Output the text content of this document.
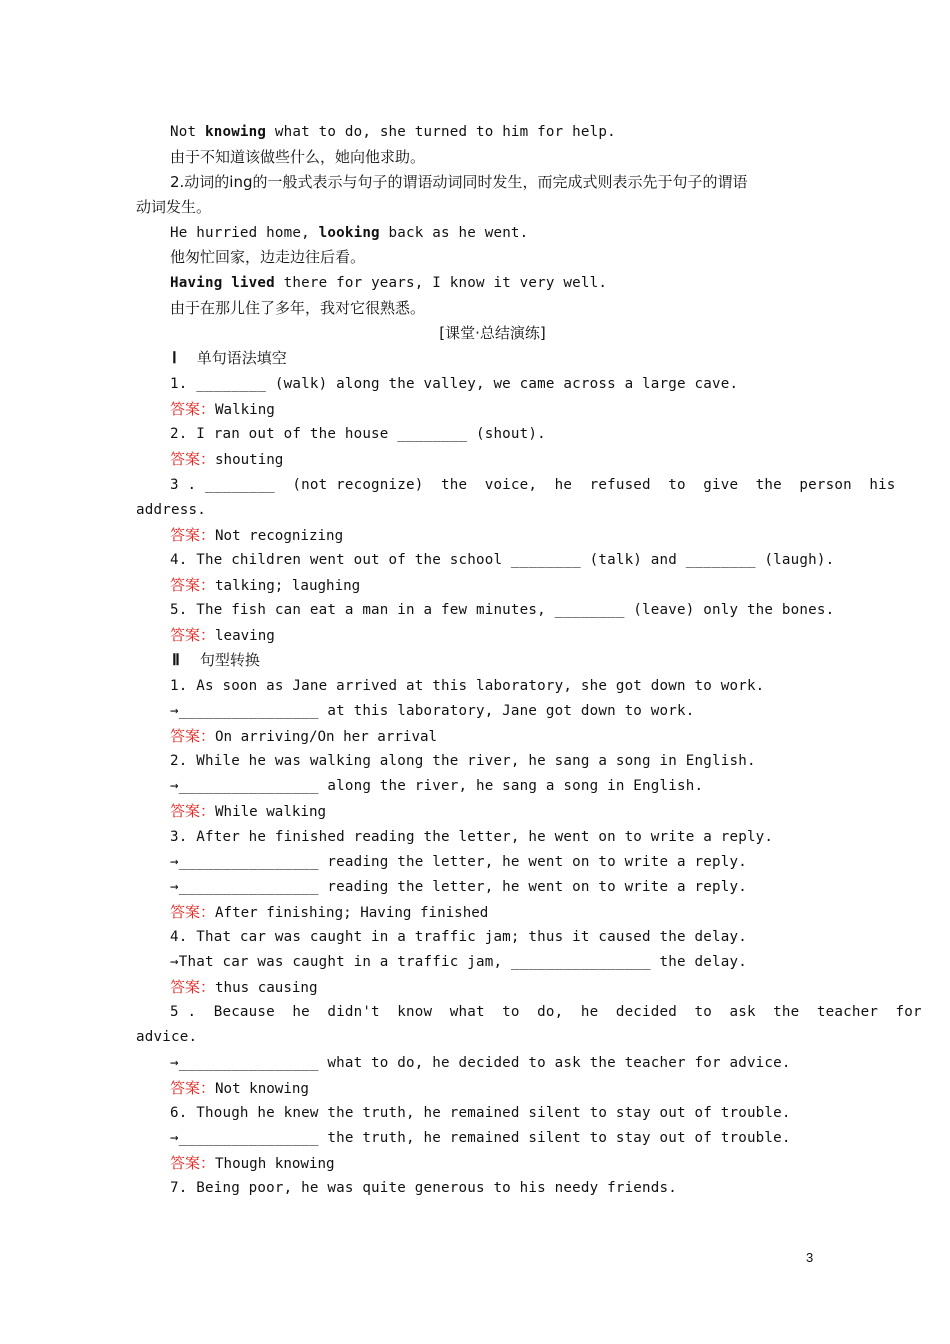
Not knowing what to do, she turned to him for help.
由于不知道该做些什么，她向他求助。
2.动词的ing的一般式表示与句子的谓语动词同时发生，而完成式则表示先于句子的谓语
动词发生。
He hurried home, looking back as he went.
他匆忙回家，边走边往后看。
Having lived there for years, I know it very well.
由于在那儿住了多年，我对它很熟悉。
[课堂·总结演练]
Ⅰ 单句语法填空
1. ________ (walk) along the valley, we came across a large cave.
答案：Walking
2. I ran out of the house ________ (shout).
答案：shouting
3 . ________  (not recognize)  the  voice,  he  refused  to  give  the  person  his
address.
答案：Not recognizing
4. The children went out of the school ________ (talk) and ________ (laugh).
答案：talking; laughing
5. The fish can eat a man in a few minutes, ________ (leave) only the bones.
答案：leaving
Ⅱ 句型转换
1. As soon as Jane arrived at this laboratory, she got down to work.
→________________ at this laboratory, Jane got down to work.
答案：On arriving/On her arrival
2. While he was walking along the river, he sang a song in English.
→________________ along the river, he sang a song in English.
答案：While walking
3. After he finished reading the letter, he went on to write a reply.
→________________ reading the letter, he went on to write a reply.
→________________ reading the letter, he went on to write a reply.
答案：After finishing; Having finished
4. That car was caught in a traffic jam; thus it caused the delay.
→That car was caught in a traffic jam, ________________ the delay.
答案：thus causing
5 .  Because  he  didn't  know  what  to  do,  he  decided  to  ask  the  teacher  for
advice.
→________________ what to do, he decided to ask the teacher for advice.
答案：Not knowing
6. Though he knew the truth, he remained silent to stay out of trouble.
→________________ the truth, he remained silent to stay out of trouble.
答案：Though knowing
7. Being poor, he was quite generous to his needy friends.
3
